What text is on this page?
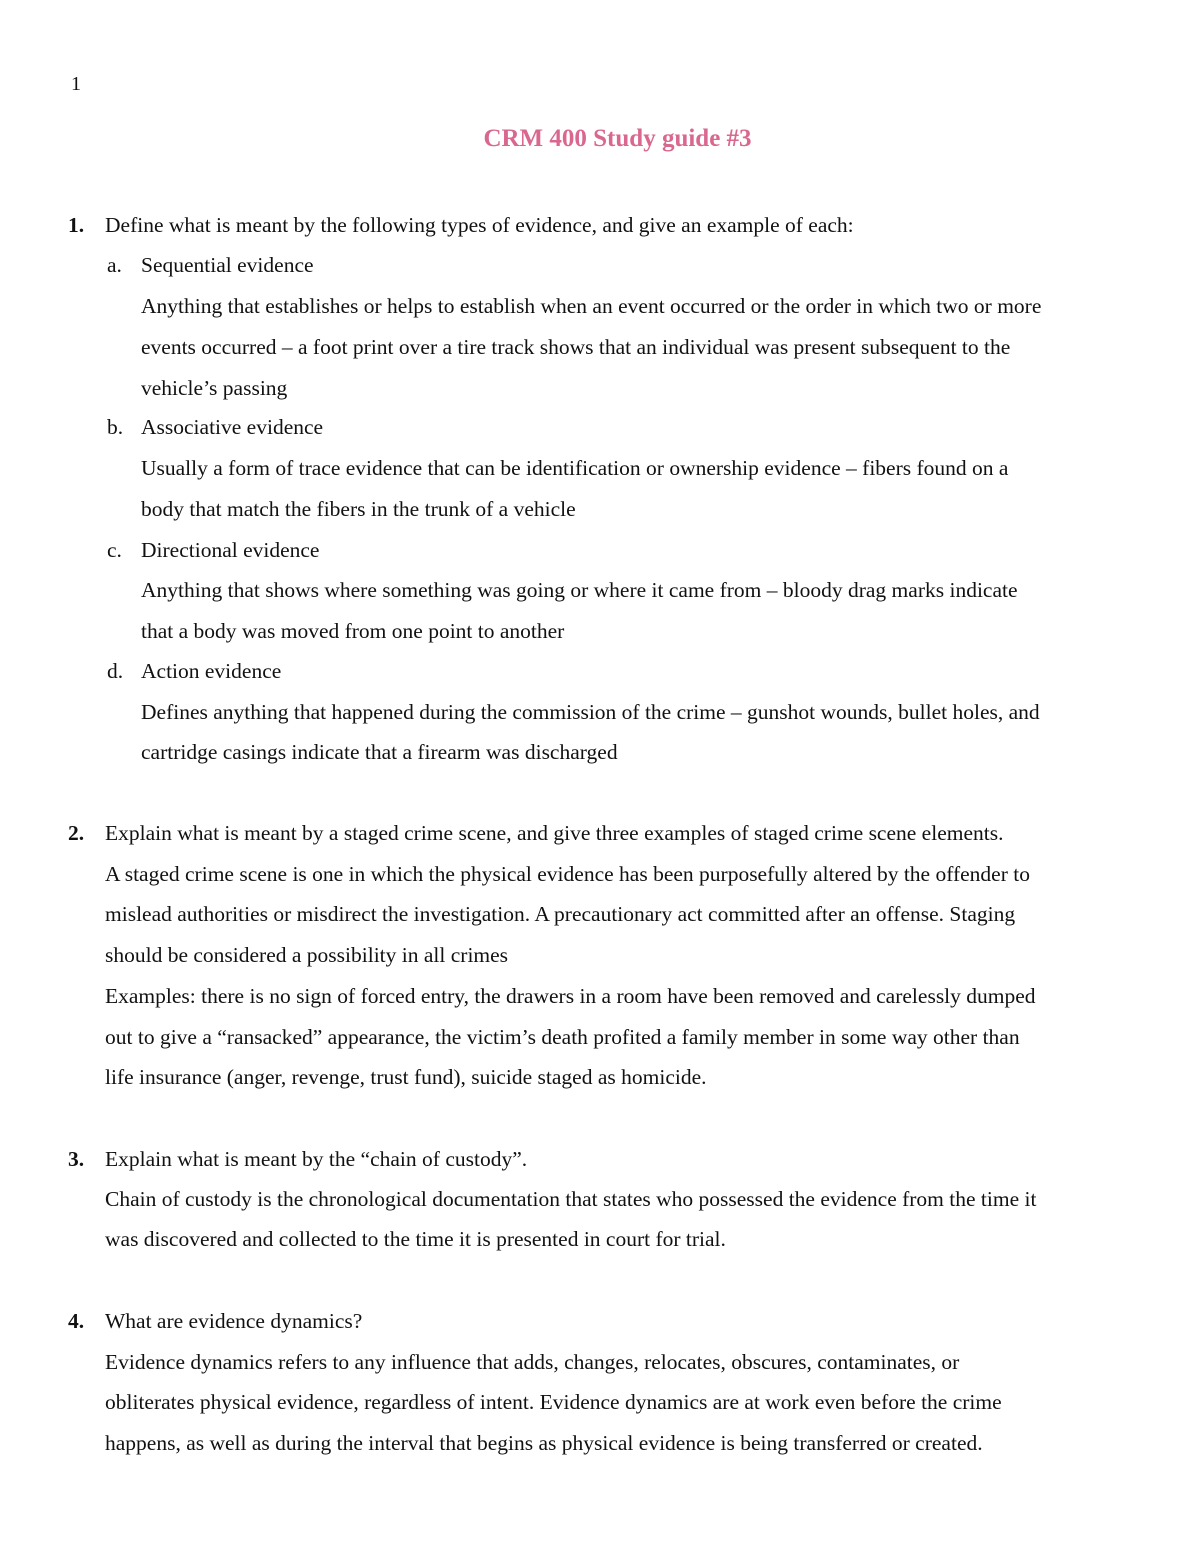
1
CRM 400 Study guide #3
1. Define what is meant by the following types of evidence, and give an example of each:
a. Sequential evidence
Anything that establishes or helps to establish when an event occurred or the order in which two or more
events occurred – a foot print over a tire track shows that an individual was present subsequent to the
vehicle’s passing
b. Associative evidence
Usually a form of trace evidence that can be identification or ownership evidence – fibers found on a
body that match the fibers in the trunk of a vehicle
c. Directional evidence
Anything that shows where something was going or where it came from – bloody drag marks indicate
that a body was moved from one point to another
d. Action evidence
Defines anything that happened during the commission of the crime – gunshot wounds, bullet holes, and
cartridge casings indicate that a firearm was discharged
2. Explain what is meant by a staged crime scene, and give three examples of staged crime scene elements.
A staged crime scene is one in which the physical evidence has been purposefully altered by the offender to
mislead authorities or misdirect the investigation. A precautionary act committed after an offense. Staging
should be considered a possibility in all crimes
Examples: there is no sign of forced entry, the drawers in a room have been removed and carelessly dumped
out to give a “ransacked” appearance, the victim’s death profited a family member in some way other than
life insurance (anger, revenge, trust fund), suicide staged as homicide.
3. Explain what is meant by the “chain of custody”.
Chain of custody is the chronological documentation that states who possessed the evidence from the time it
was discovered and collected to the time it is presented in court for trial.
4. What are evidence dynamics?
Evidence dynamics refers to any influence that adds, changes, relocates, obscures, contaminates, or
obliterates physical evidence, regardless of intent. Evidence dynamics are at work even before the crime
happens, as well as during the interval that begins as physical evidence is being transferred or created.
